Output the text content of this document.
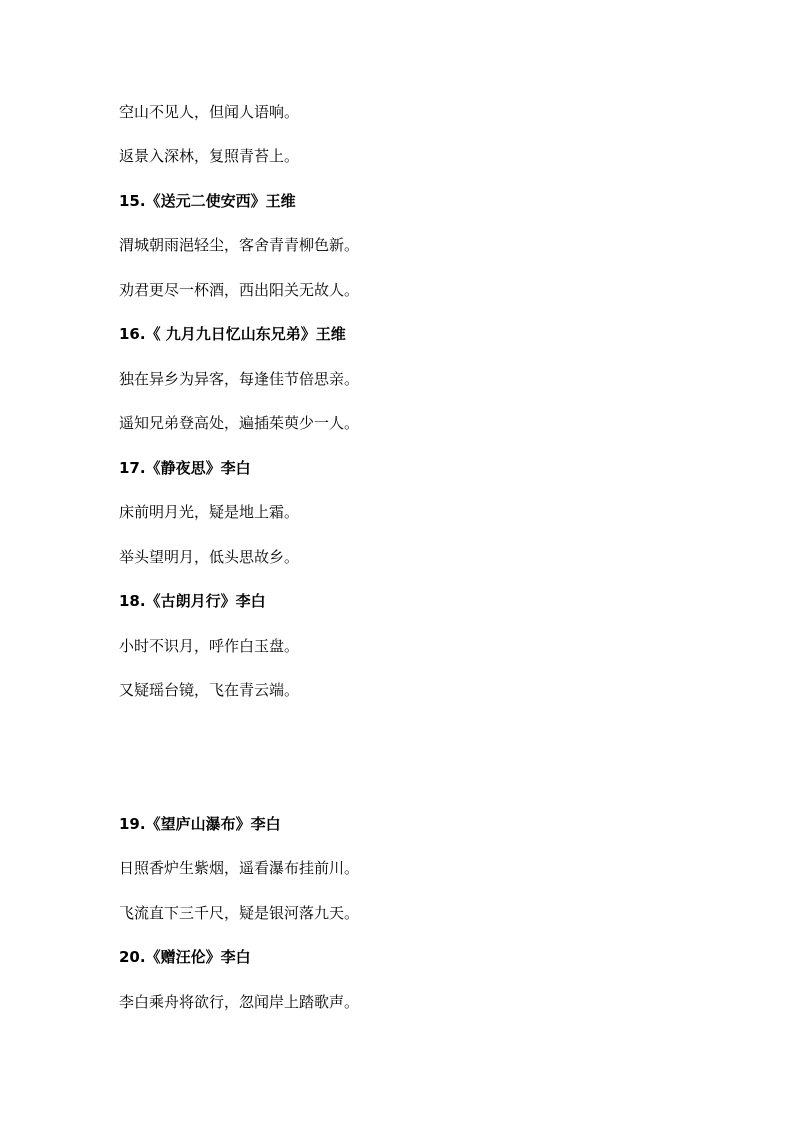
空山不见人，但闻人语响。
返景入深林，复照青苔上。
15.《送元二使安西》王维
渭城朝雨浥轻尘，客舍青青柳色新。
劝君更尽一杯酒，西出阳关无故人。
16.《 九月九日忆山东兄弟》王维
独在异乡为异客，每逢佳节倍思亲。
遥知兄弟登高处，遍插茱萸少一人。
17.《静夜思》李白
床前明月光，疑是地上霜。
举头望明月，低头思故乡。
18.《古朗月行》李白
小时不识月，呼作白玉盘。
又疑瑶台镜，飞在青云端。
19.《望庐山瀑布》李白
日照香炉生紫烟，遥看瀑布挂前川。
飞流直下三千尺，疑是银河落九天。
20.《赠汪伦》李白
李白乘舟将欲行，忽闻岸上踏歌声。
